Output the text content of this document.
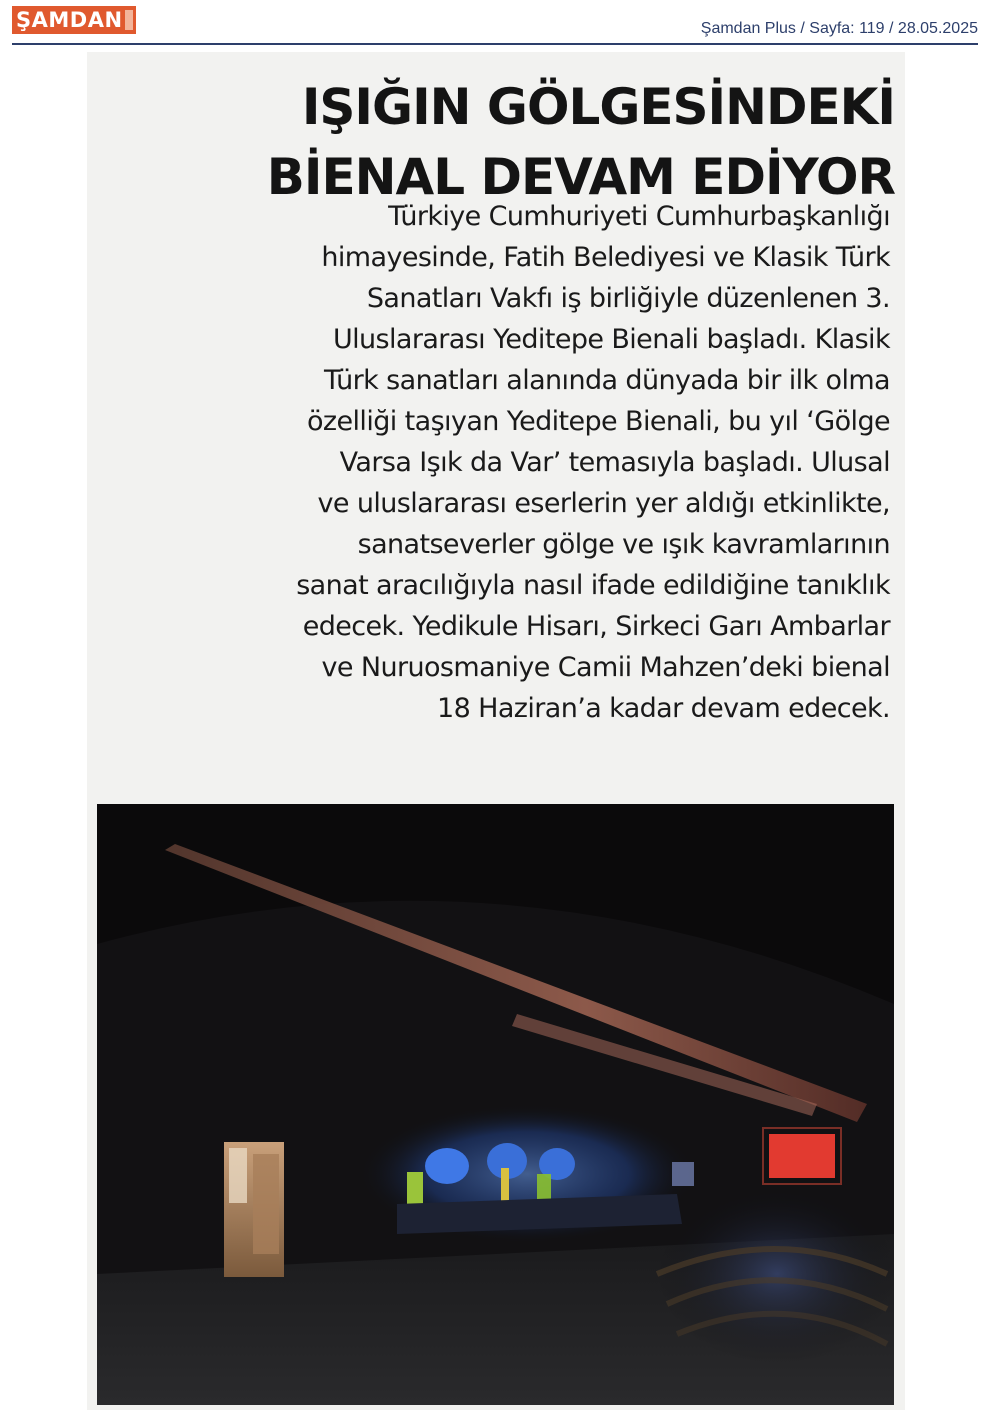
ŞAMDAN	Şamdan Plus / Sayfa: 119 / 28.05.2025
IŞIĞIN GÖLGESİNDEKİ
BİENAL DEVAM EDİYOR
Türkiye Cumhuriyeti Cumhurbaşkanlığı
himayesinde, Fatih Belediyesi ve Klasik Türk
Sanatları Vakfı iş birliğiyle düzenlenen 3.
Uluslararası Yeditepe Bienali başladı. Klasik
Türk sanatları alanında dünyada bir ilk olma
özelliği taşıyan Yeditepe Bienali, bu yıl ‘Gölge
Varsa Işık da Var’ temasıyla başladı. Ulusal
ve uluslararası eserlerin yer aldığı etkinlikte,
sanatseverler gölge ve ışık kavramlarının
sanat aracılığıyla nasıl ifade edildiğine tanıklık
edecek. Yedikule Hisarı, Sirkeci Garı Ambarlar
ve Nuruosmaniye Camii Mahzen’deki bienal
18 Haziran’a kadar devam edecek.
